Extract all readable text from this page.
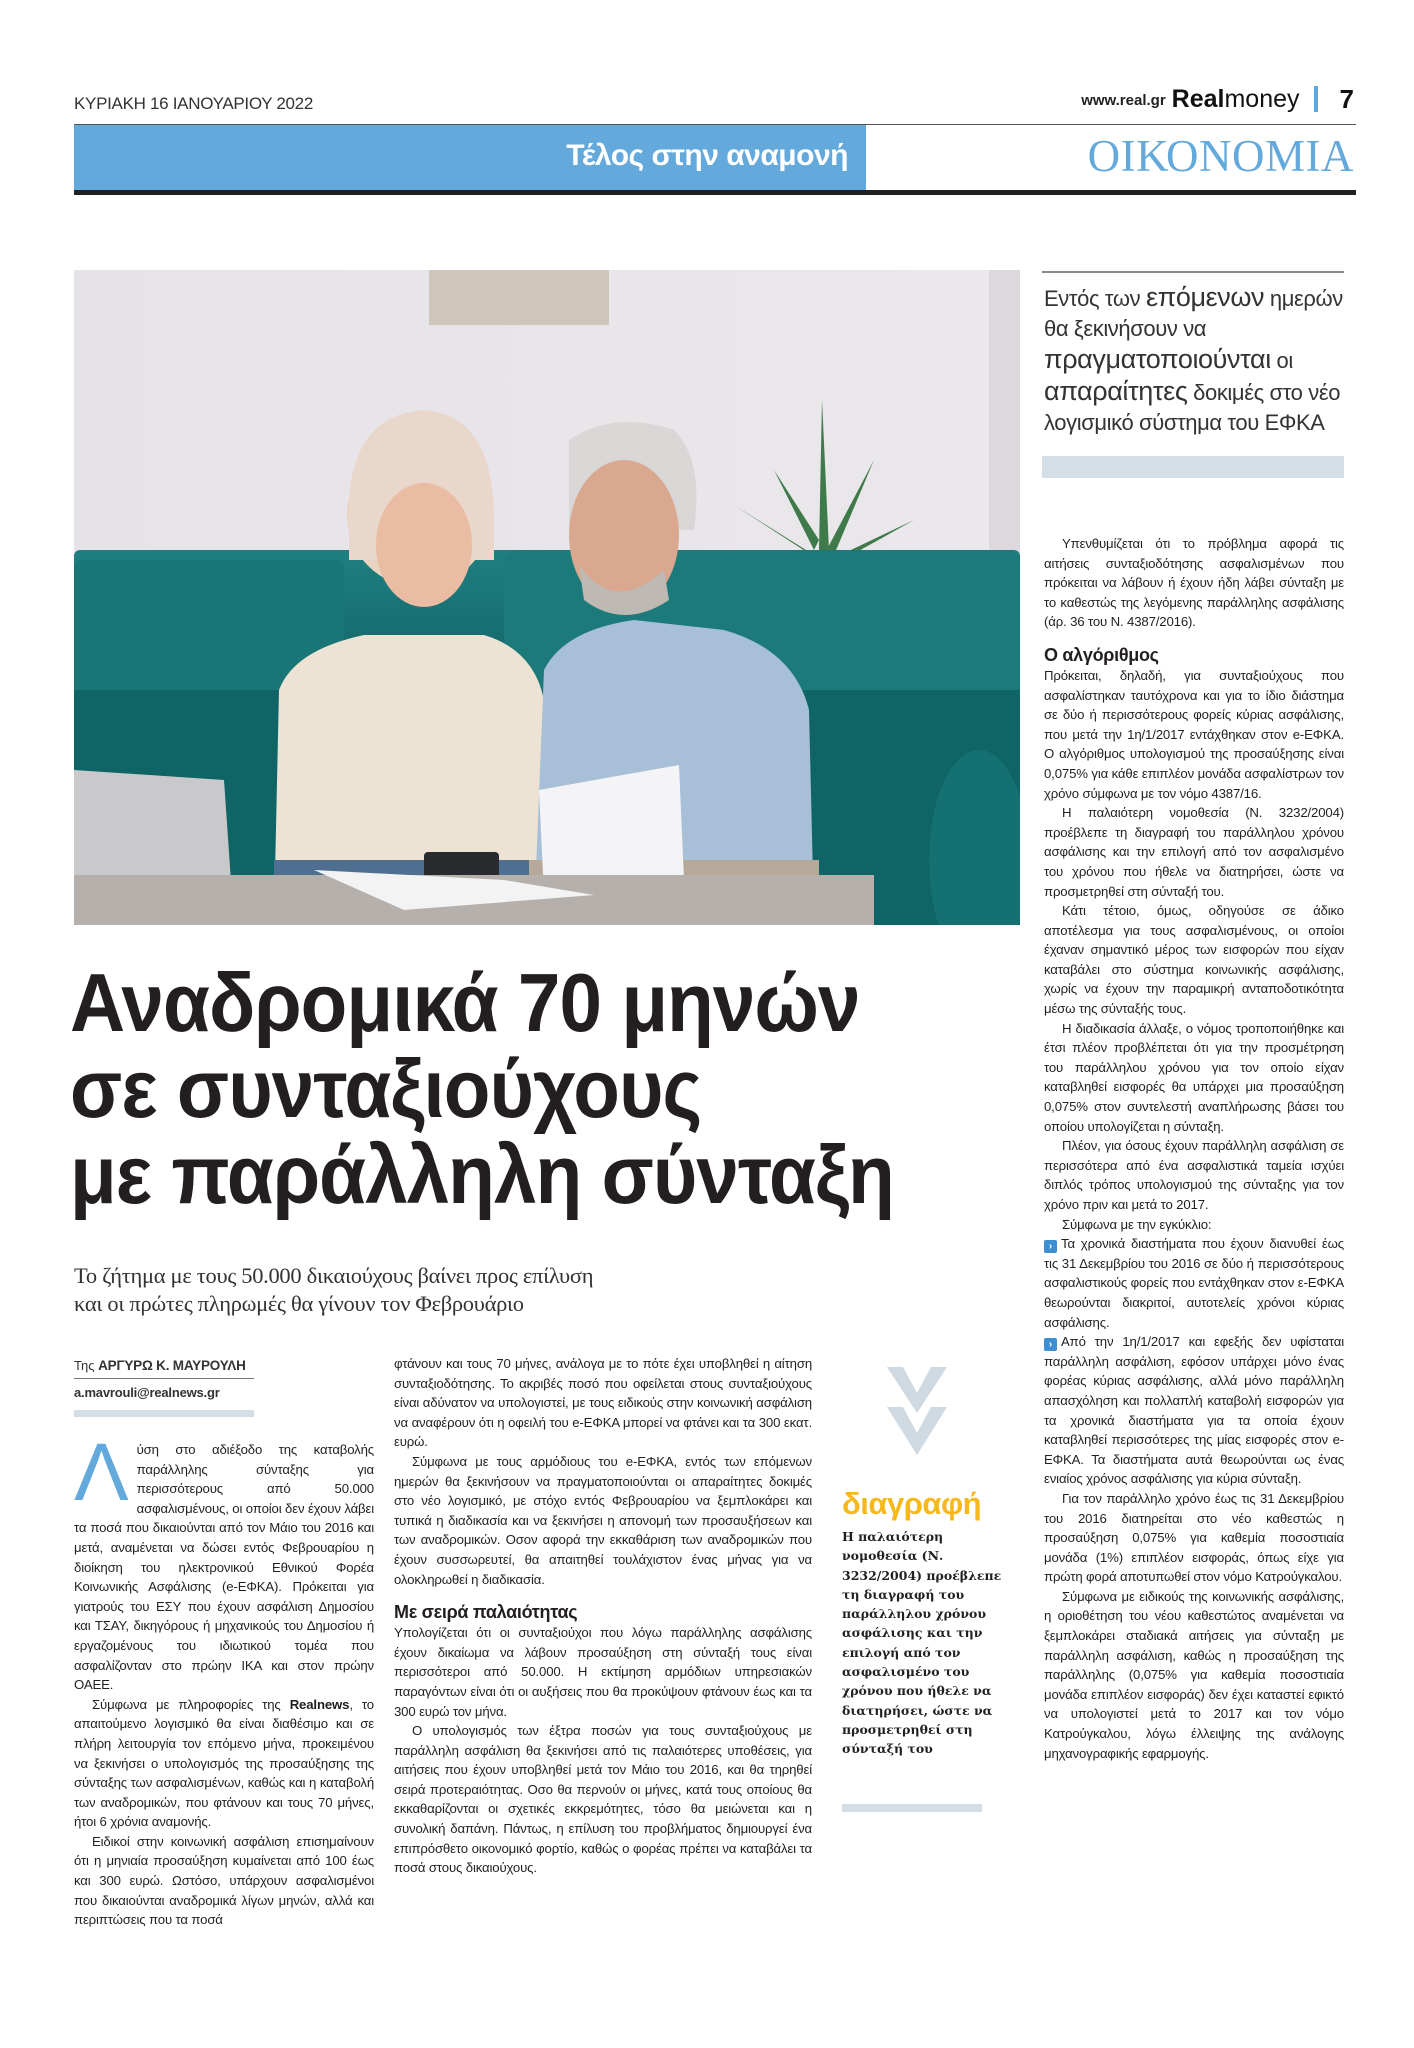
ΚΥΡΙΑΚΗ 16 ΙΑΝΟΥΑΡΙΟΥ 2022	www.real.gr Real money 7
Τέλος στην αναμονή	ΟΙΚΟΝΟΜΙΑ
Εντός των επόμενων ημερών θα ξεκινήσουν να πραγματοποιούνται οι απαραίτητες δοκιμές στο νέο λογισμικό σύστημα του ΕΦΚΑ

Υπενθυμίζεται ότι το πρόβλημα αφορά τις αιτήσεις συνταξιοδότησης ασφαλισμένων που πρόκειται να λάβουν ή έχουν ήδη λάβει σύνταξη με το καθεστώς της λεγόμενης παράλληλης ασφάλισης (άρ. 36 του Ν. 4387/2016).

Ο αλγόριθμος

Πρόκειται, δηλαδή, για συνταξιούχους που ασφαλίστηκαν ταυτόχρονα και για το ίδιο διάστημα σε δύο ή περισσότερους φορείς κύριας ασφάλισης, που μετά την 1η/1/2017 εντάχθηκαν στον e-ΕΦΚΑ. Ο αλγόριθμος υπολογισμού της προσαύξησης είναι 0,075% για κάθε επιπλέον μονάδα ασφαλίστρων τον χρόνο σύμφωνα με τον νόμο 4387/16.

Η παλαιότερη νομοθεσία (Ν. 3232/2004) προέβλεπε τη διαγραφή του παράλληλου χρόνου ασφάλισης και την επιλογή από τον ασφαλισμένο του χρόνου που ήθελε να διατηρήσει, ώστε να προσμετρηθεί στη σύνταξή του.

Κάτι τέτοιο, όμως, οδηγούσε σε άδικο αποτέλεσμα για τους ασφαλισμένους, οι οποίοι έχαναν σημαντικό μέρος των εισφορών που είχαν καταβάλει στο σύστημα κοινωνικής ασφάλισης, χωρίς να έχουν την παραμικρή ανταποδοτικότητα μέσω της σύνταξής τους.

Η διαδικασία άλλαξε, ο νόμος τροποποιήθηκε και έτσι πλέον προβλέπεται ότι για την προσμέτρηση του παράλληλου χρόνου για τον οποίο είχαν καταβληθεί εισφορές θα υπάρχει μια προσαύξηση 0,075% στον συντελεστή αναπλήρωσης βάσει του οποίου υπολογίζεται η σύνταξη.

Πλέον, για όσους έχουν παράλληλη ασφάλιση σε περισσότερα από ένα ασφαλιστικά ταμεία ισχύει διπλός τρόπος υπολογισμού της σύνταξης για τον χρόνο πριν και μετά το 2017.

Σύμφωνα με την εγκύκλιο:

› Τα χρονικά διαστήματα που έχουν διανυθεί έως τις 31 Δεκεμβρίου του 2016 σε δύο ή περισσότερους ασφαλιστικούς φορείς που εντάχθηκαν στον ε-ΕΦΚΑ θεωρούνται διακριτοί, αυτοτελείς χρόνοι κύριας ασφάλισης.

› Από την 1η/1/2017 και εφεξής δεν υφίσταται παράλληλη ασφάλιση, εφόσον υπάρχει μόνο ένας φορέας κύριας ασφάλισης, αλλά μόνο παράλληλη απασχόληση και πολλαπλή καταβολή εισφορών για τα χρονικά διαστήματα για τα οποία έχουν καταβληθεί περισσότερες της μίας εισφορές στον e-ΕΦΚΑ. Τα διαστήματα αυτά θεωρούνται ως ένας ενιαίος χρόνος ασφάλισης για κύρια σύνταξη.

Για τον παράλληλο χρόνο έως τις 31 Δεκεμβρίου του 2016 διατηρείται στο νέο καθεστώς η προσαύξηση 0,075% για καθεμία ποσοστιαία μονάδα (1%) επιπλέον εισφοράς, όπως είχε για πρώτη φορά αποτυπωθεί στον νόμο Κατρούγκαλου.

Σύμφωνα με ειδικούς της κοινωνικής ασφάλισης, η οριοθέτηση του νέου καθεστώτος αναμένεται να ξεμπλοκάρει σταδιακά αιτήσεις για σύνταξη με παράλληλη ασφάλιση, καθώς η προσαύξηση της παράλληλης (0,075% για καθεμία ποσοστιαία μονάδα επιπλέον εισφοράς) δεν έχει καταστεί εφικτό να υπολογιστεί μετά το 2017 και τον νόμο Κατρούγκαλου, λόγω έλλειψης της ανάλογης μηχανογραφικής εφαρμογής.

Αναδρομικά 70 μηνών
σε συνταξιούχους
με παράλληλη σύνταξη
Το ζήτημα με τους 50.000 δικαιούχους βαίνει προς επίλυση
και οι πρώτες πληρωμές θα γίνουν τον Φεβρουάριο
Της ΑΡΓΥΡΩ Κ. ΜΑΥΡΟΥΛΗ
a.mavrouli@realnews.gr

Λύση στο αδιέξοδο της καταβολής παράλληλης σύνταξης για περισσότερους από 50.000 ασφαλισμένους, οι οποίοι δεν έχουν λάβει τα ποσά που δικαιούνται από τον Μάιο του 2016 και μετά, αναμένεται να δώσει εντός Φεβρουαρίου η διοίκηση του ηλεκτρονικού Εθνικού Φορέα Κοινωνικής Ασφάλισης (e-ΕΦΚΑ). Πρόκειται για γιατρούς του ΕΣΥ που έχουν ασφάλιση Δημοσίου και ΤΣΑΥ, δικηγόρους ή μηχανικούς του Δημοσίου ή εργαζομένους του ιδιωτικού τομέα που ασφαλίζονταν στο πρώην ΙΚΑ και στον πρώην ΟΑΕΕ.

Σύμφωνα με πληροφορίες της Realnews, το απαιτούμενο λογισμικό θα είναι διαθέσιμο και σε πλήρη λειτουργία τον επόμενο μήνα, προκειμένου να ξεκινήσει ο υπολογισμός της προσαύξησης της σύνταξης των ασφαλισμένων, καθώς και η καταβολή των αναδρομικών, που φτάνουν και τους 70 μήνες, ήτοι 6 χρόνια αναμονής.

Ειδικοί στην κοινωνική ασφάλιση επισημαίνουν ότι η μηνιαία προσαύξηση κυμαίνεται από 100 έως και 300 ευρώ. Ωστόσο, υπάρχουν ασφαλισμένοι που δικαιούνται αναδρομικά λίγων μηνών, αλλά και περιπτώσεις που τα ποσά

φτάνουν και τους 70 μήνες, ανάλογα με το πότε έχει υποβληθεί η αίτηση συνταξιοδότησης. Το ακριβές ποσό που οφείλεται στους συνταξιούχους είναι αδύνατον να υπολογιστεί, με τους ειδικούς στην κοινωνική ασφάλιση να αναφέρουν ότι η οφειλή του e-ΕΦΚΑ μπορεί να φτάνει και τα 300 εκατ. ευρώ.

Σύμφωνα με τους αρμόδιους του e-ΕΦΚΑ, εντός των επόμενων ημερών θα ξεκινήσουν να πραγματοποιούνται οι απαραίτητες δοκιμές στο νέο λογισμικό, με στόχο εντός Φεβρουαρίου να ξεμπλοκάρει και τυπικά η διαδικασία και να ξεκινήσει η απονομή των προσαυξήσεων και των αναδρομικών. Οσον αφορά την εκκαθάριση των αναδρομικών που έχουν συσσωρευτεί, θα απαιτηθεί τουλάχιστον ένας μήνας για να ολοκληρωθεί η διαδικασία.

Με σειρά παλαιότητας

Υπολογίζεται ότι οι συνταξιούχοι που λόγω παράλληλης ασφάλισης έχουν δικαίωμα να λάβουν προσαύξηση στη σύνταξή τους είναι περισσότεροι από 50.000. Η εκτίμηση αρμόδιων υπηρεσιακών παραγόντων είναι ότι οι αυξήσεις που θα προκύψουν φτάνουν έως και τα 300 ευρώ τον μήνα.

Ο υπολογισμός των έξτρα ποσών για τους συνταξιούχους με παράλληλη ασφάλιση θα ξεκινήσει από τις παλαιότερες υποθέσεις, για αιτήσεις που έχουν υποβληθεί μετά τον Μάιο του 2016, και θα τηρηθεί σειρά προτεραιότητας. Οσο θα περνούν οι μήνες, κατά τους οποίους θα εκκαθαρίζονται οι σχετικές εκκρεμότητες, τόσο θα μειώνεται και η συνολική δαπάνη. Πάντως, η επίλυση του προβλήματος δημιουργεί ένα επιπρόσθετο οικονομικό φορτίο, καθώς ο φορέας πρέπει να καταβάλει τα ποσά στους δικαιούχους.

διαγραφή
Η παλαιότερη νομοθεσία (Ν. 3232/2004) προέβλεπε τη διαγραφή του παράλληλου χρόνου ασφάλισης και την επιλογή από τον ασφαλισμένο του χρόνου που ήθελε να διατηρήσει, ώστε να προσμετρηθεί στη σύνταξή του
